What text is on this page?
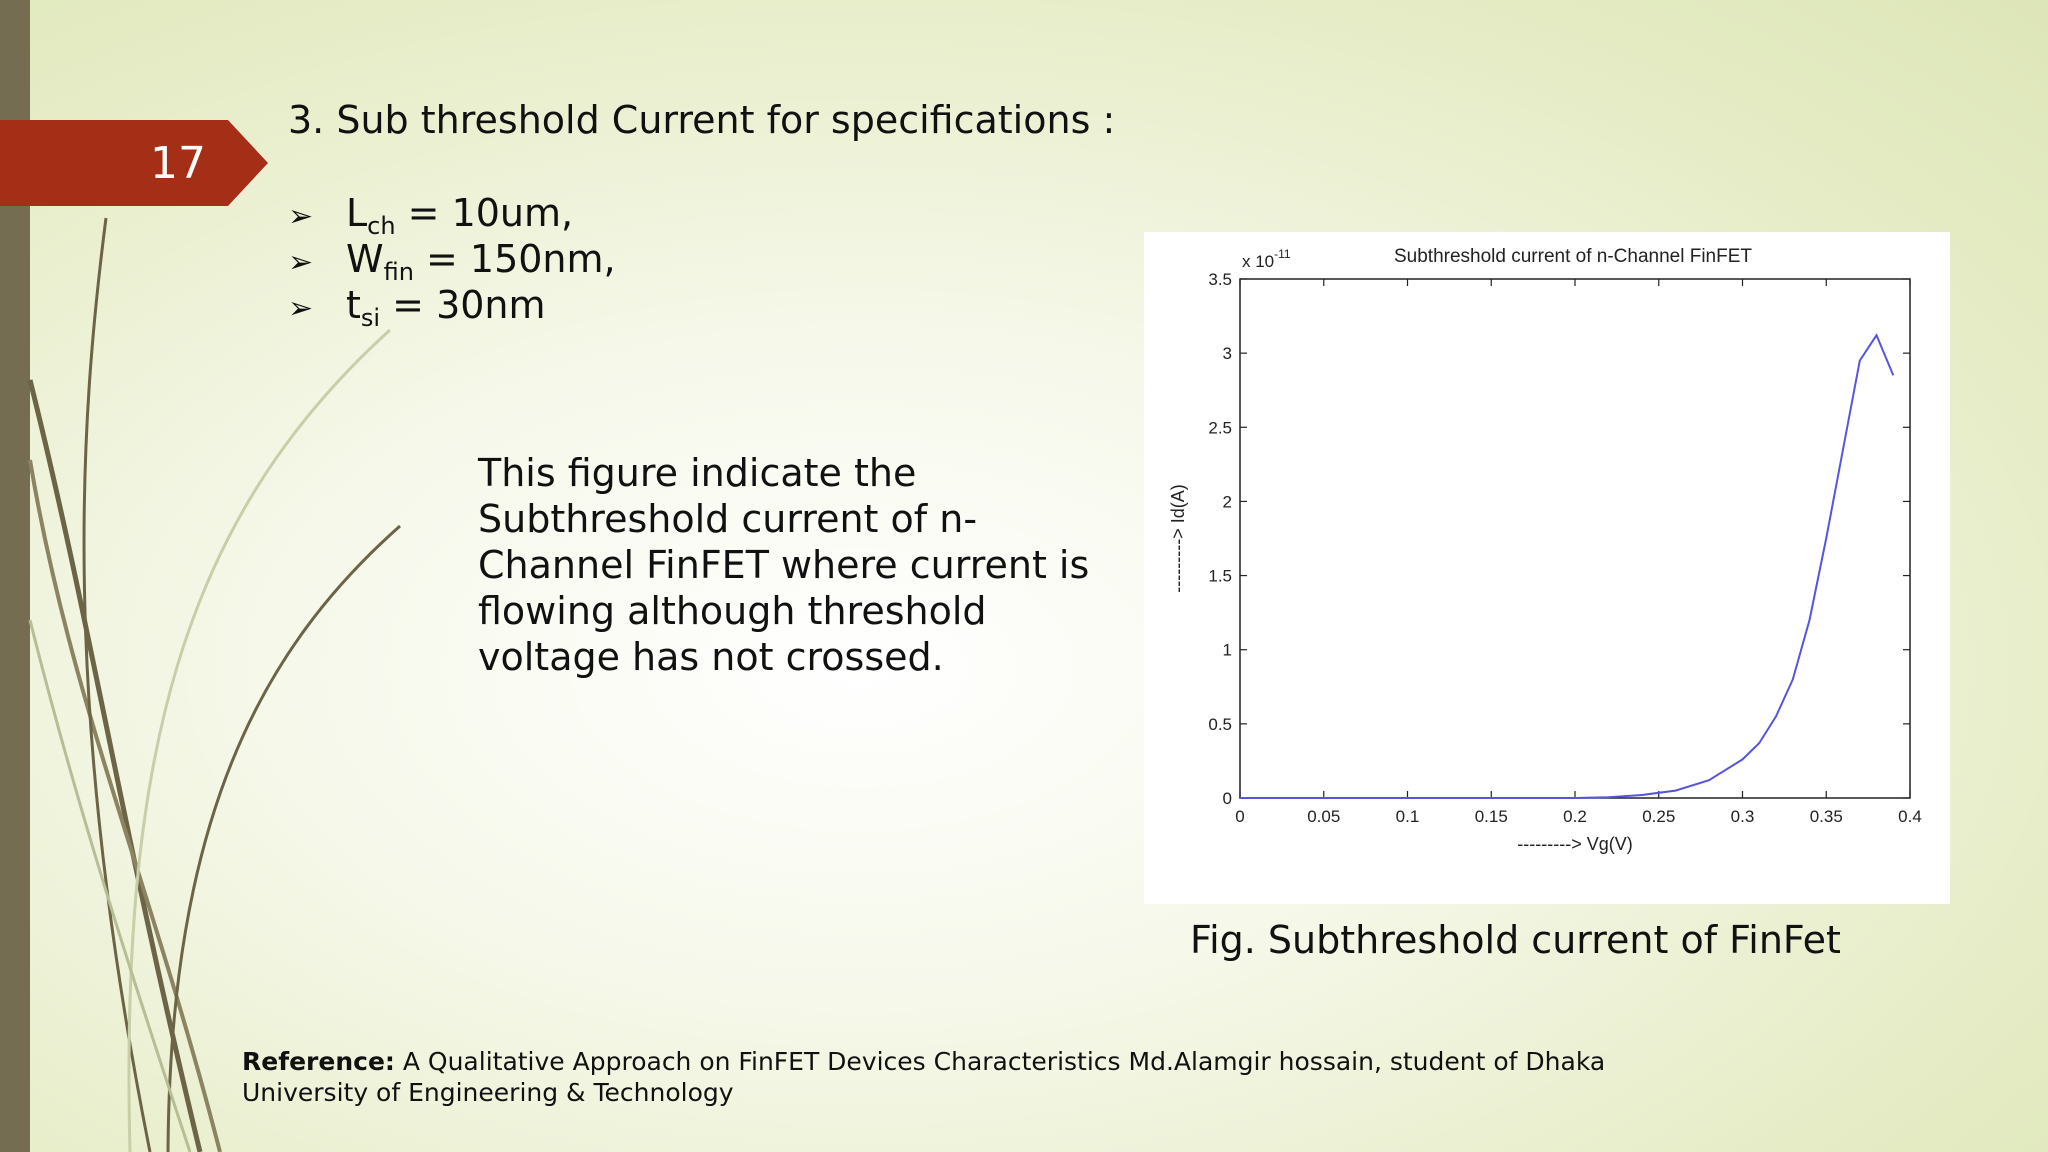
17
3. Sub threshold Current for specifications :
➢ $L_{ch} = 10um$,
➢ $W_{fin} = 150nm$,
➢ $t_{si} = 30nm$
This figure indicate the Subthreshold current of n-Channel FinFET where current is flowing although threshold voltage has not crossed.
Subthreshold current of n-Channel FinFET
x $10^{-11}$
0	0.05	0.1	0.15	0.2	0.25	0.3	0.35	0.4
0
0.5
1
1.5
2
2.5
3
3.5
---------> Vg(V)
---------> Id(A)
Fig. Subthreshold current of FinFet
Reference: A Qualitative Approach on FinFET Devices Characteristics Md.Alamgir hossain, student of Dhaka University of Engineering & Technology
